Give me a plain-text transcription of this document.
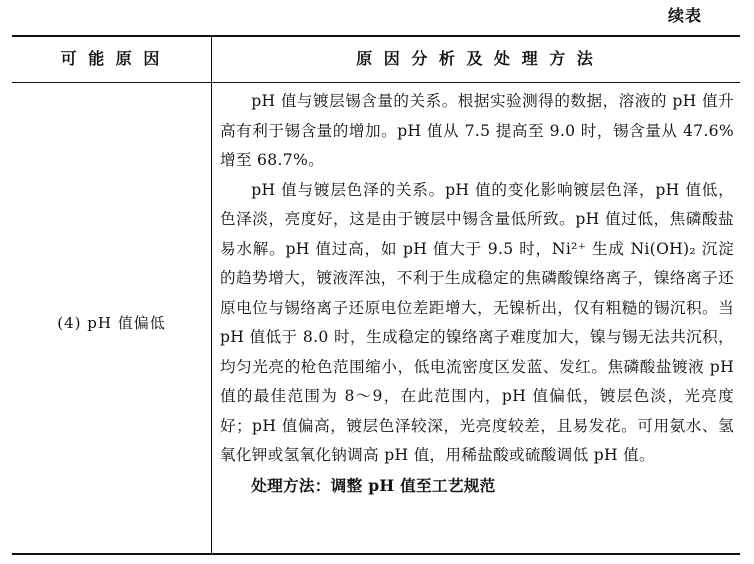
续表
可 能 原 因	原 因 分 析 及 处 理 方 法
(4) pH 值偏低

pH 值与镀层锡含量的关系。根据实验测得的数据，溶液的 pH 值升高有利于锡含量的增加。pH 值从 7.5 提高至 9.0 时，锡含量从 47.6%增至 68.7%。

pH 值与镀层色泽的关系。pH 值的变化影响镀层色泽，pH 值低，色泽淡，亮度好，这是由于镀层中锡含量低所致。pH 值过低，焦磷酸盐易水解。pH 值过高，如 pH 值大于 9.5 时，Ni²⁺ 生成 Ni(OH)₂ 沉淀的趋势增大，镀液浑浊，不利于生成稳定的焦磷酸镍络离子，镍络离子还原电位与锡络离子还原电位差距增大，无镍析出，仅有粗糙的锡沉积。当 pH 值低于 8.0 时，生成稳定的镍络离子难度加大，镍与锡无法共沉积，均匀光亮的枪色范围缩小，低电流密度区发蓝、发红。焦磷酸盐镀液 pH 值的最佳范围为 8～9，在此范围内，pH 值偏低，镀层色淡，光亮度好；pH 值偏高，镀层色泽较深，光亮度较差，且易发花。可用氨水、氢氧化钾或氢氧化钠调高 pH 值，用稀盐酸或硫酸调低 pH 值。

处理方法：调整 pH 值至工艺规范
